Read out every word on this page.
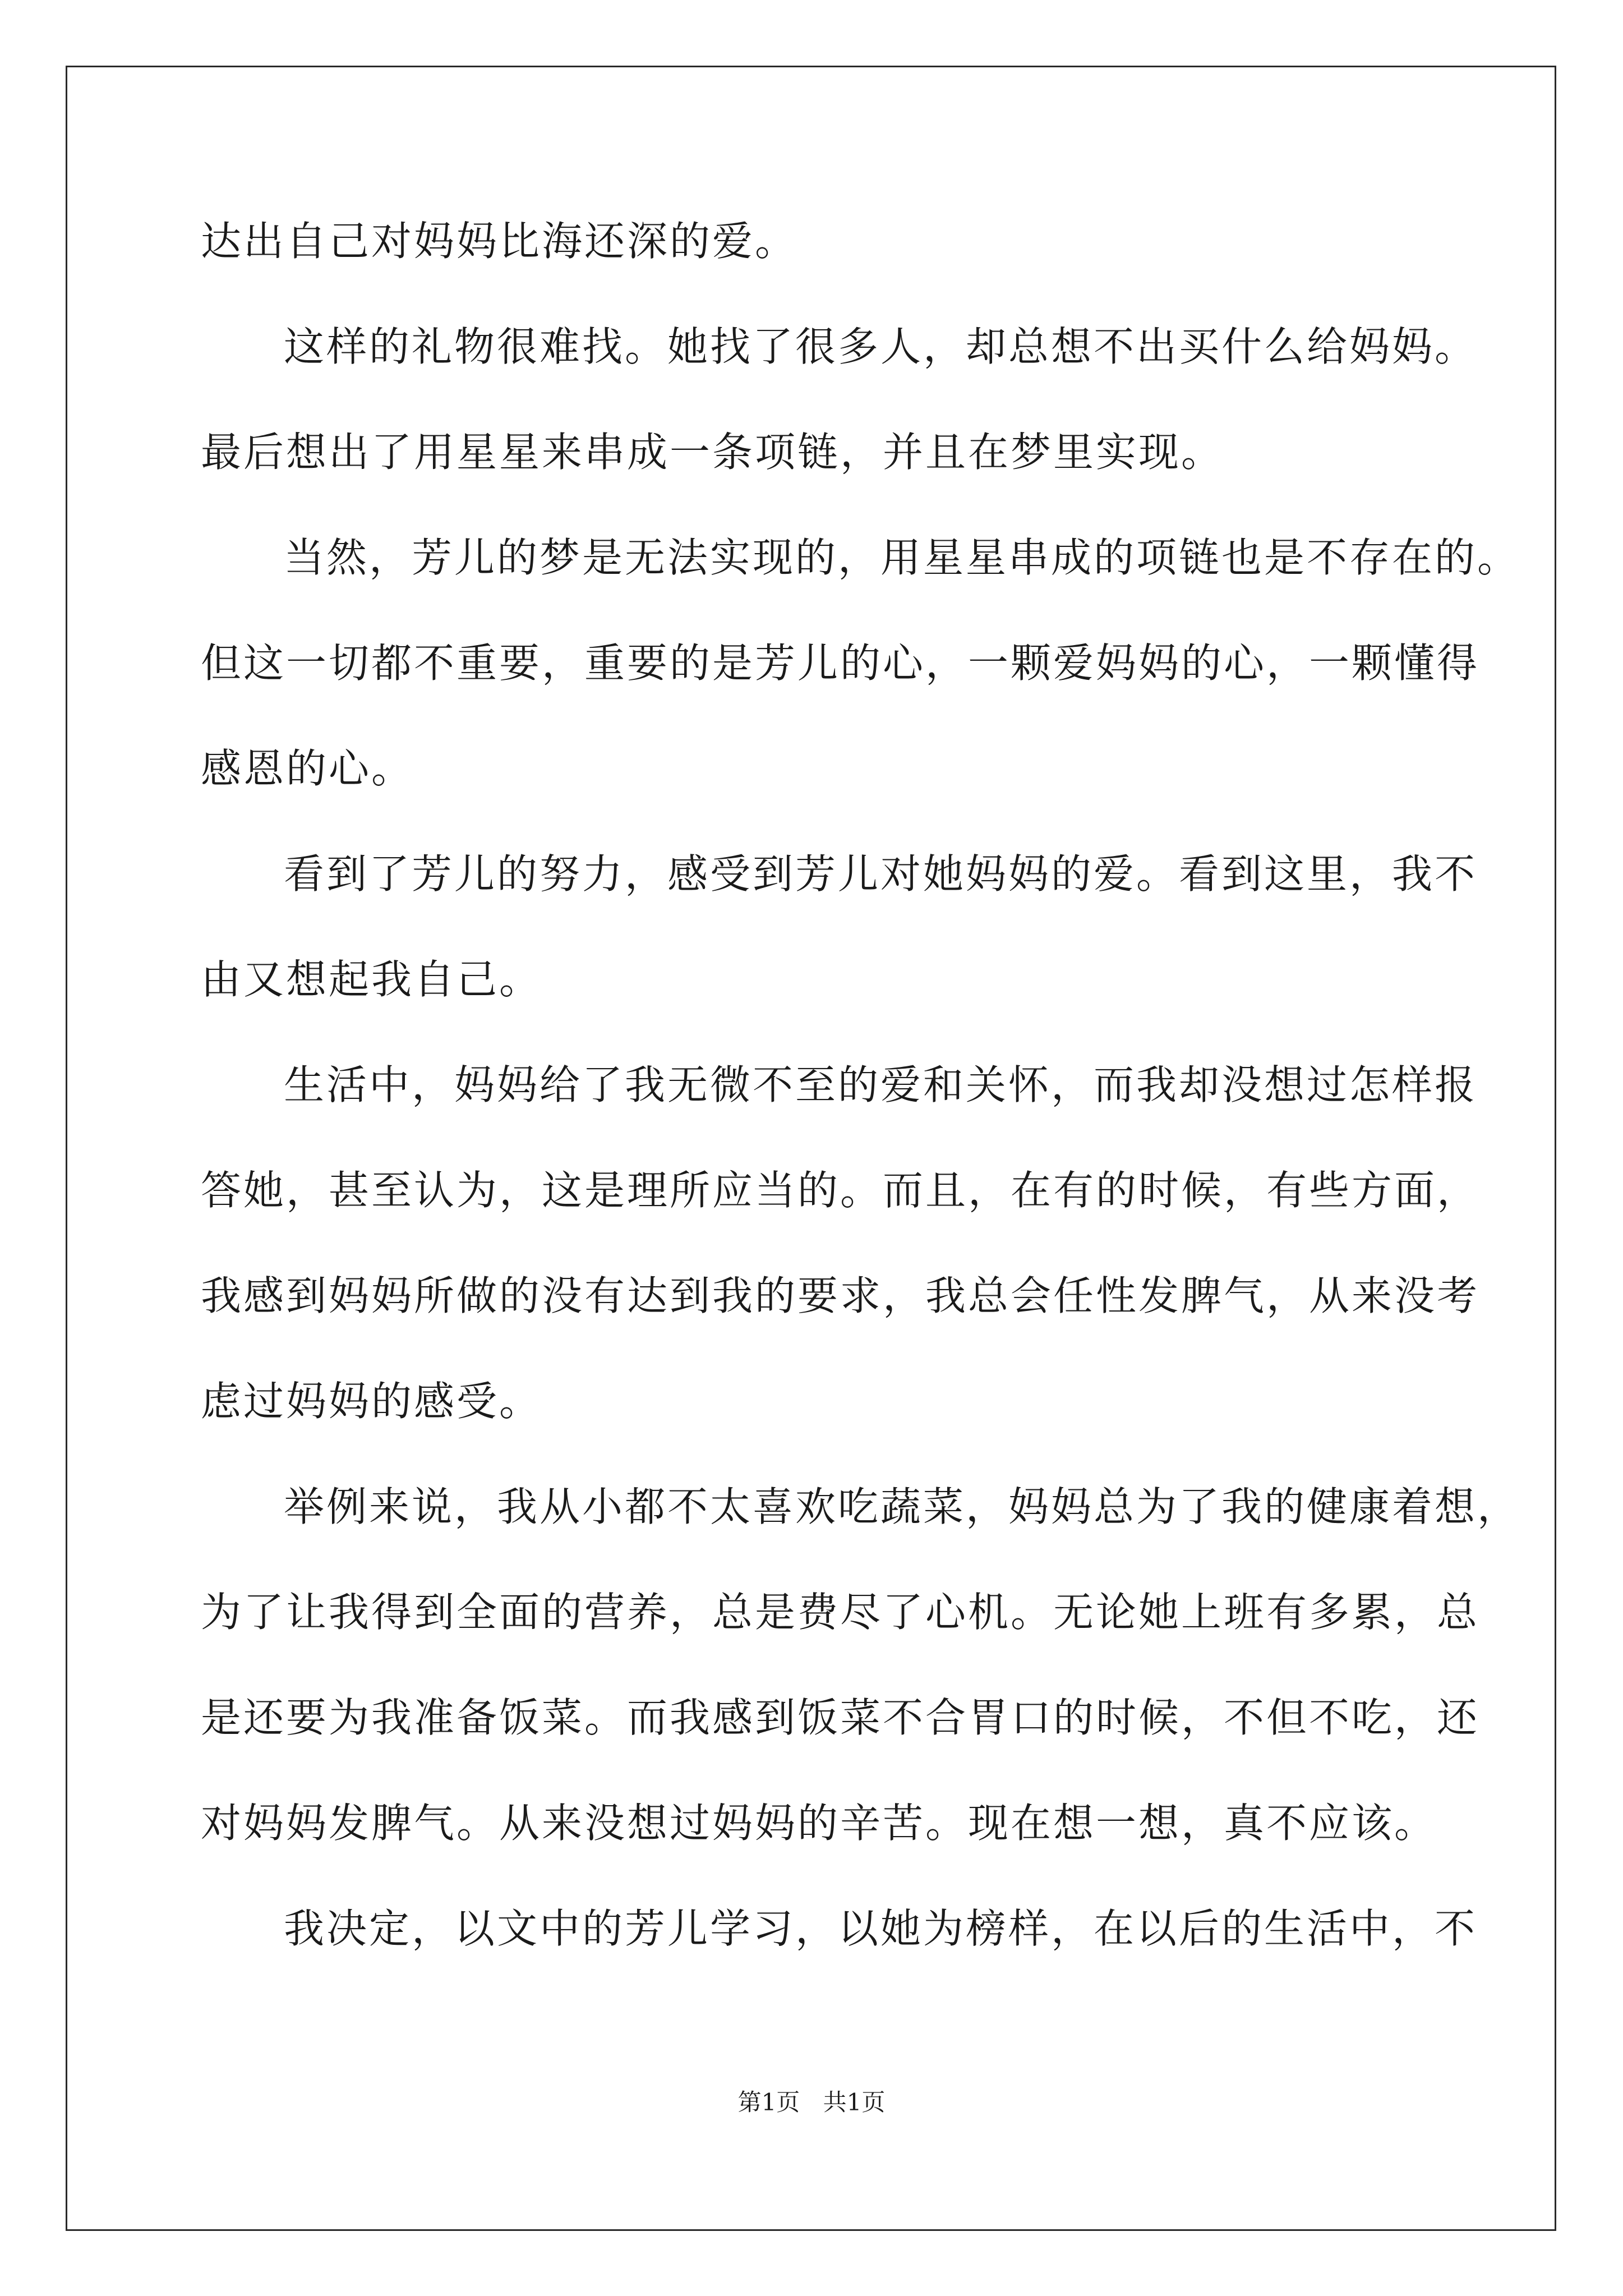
达出自己对妈妈比海还深的爱。
这样的礼物很难找。她找了很多人，却总想不出买什么给妈妈。
最后想出了用星星来串成一条项链，并且在梦里实现。
当然，芳儿的梦是无法实现的，用星星串成的项链也是不存在的。
但这一切都不重要，重要的是芳儿的心，一颗爱妈妈的心，一颗懂得
感恩的心。
看到了芳儿的努力，感受到芳儿对她妈妈的爱。看到这里，我不
由又想起我自己。
生活中，妈妈给了我无微不至的爱和关怀，而我却没想过怎样报
答她，甚至认为，这是理所应当的。而且，在有的时候，有些方面，
我感到妈妈所做的没有达到我的要求，我总会任性发脾气，从来没考
虑过妈妈的感受。
举例来说，我从小都不太喜欢吃蔬菜，妈妈总为了我的健康着想，
为了让我得到全面的营养，总是费尽了心机。无论她上班有多累，总
是还要为我准备饭菜。而我感到饭菜不合胃口的时候，不但不吃，还
对妈妈发脾气。从来没想过妈妈的辛苦。现在想一想，真不应该。
我决定，以文中的芳儿学习，以她为榜样，在以后的生活中，不
第1页 共1页
